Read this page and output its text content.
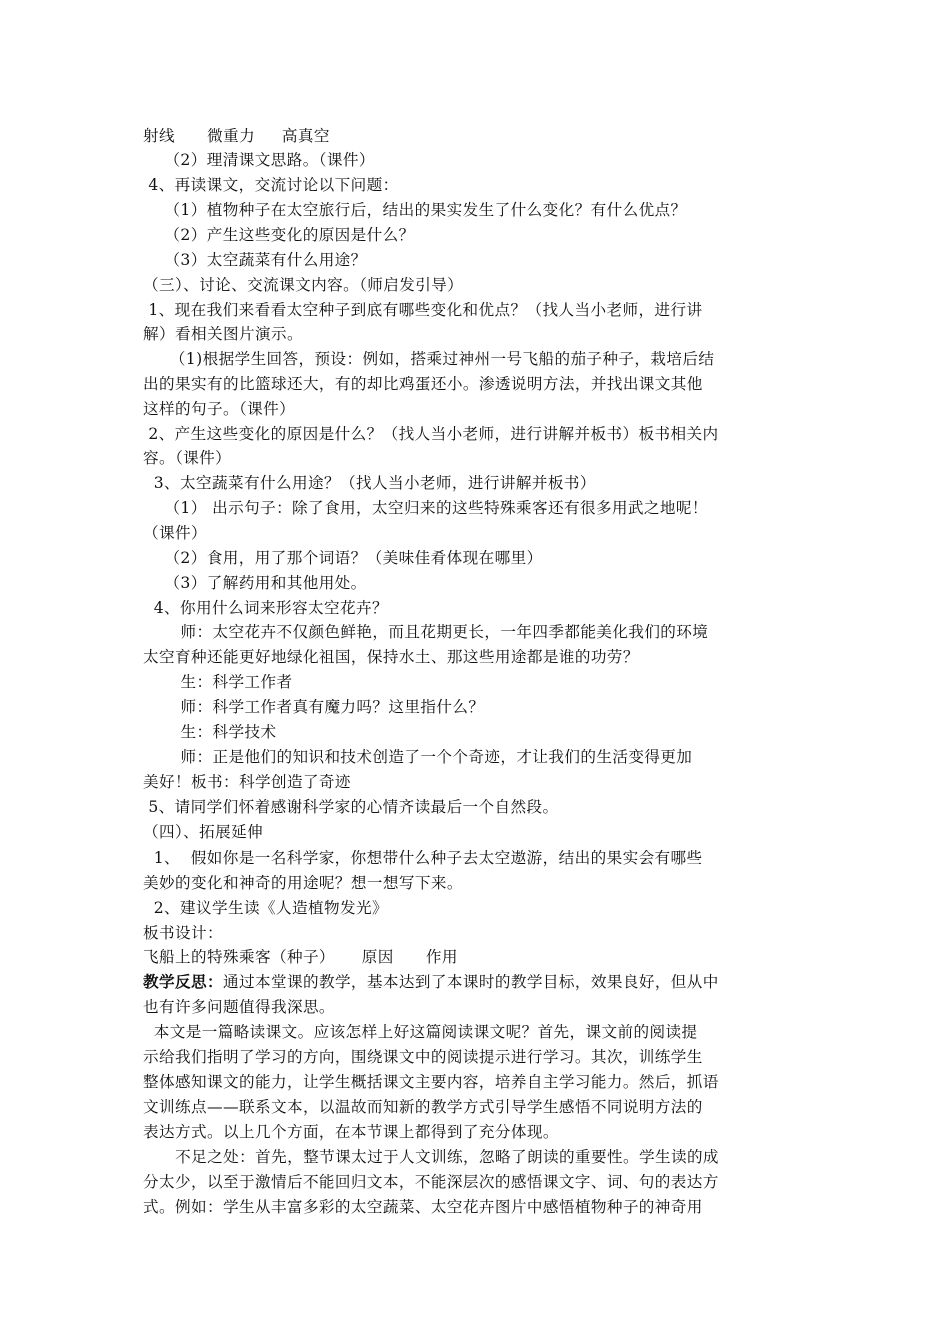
射线      微重力     高真空
（2）理清课文思路。（课件）
4、再读课文，交流讨论以下问题：
（1）植物种子在太空旅行后，结出的果实发生了什么变化？有什么优点？
（2）产生这些变化的原因是什么？
（3）太空蔬菜有什么用途？
（三）、讨论、交流课文内容。（师启发引导）
1、现在我们来看看太空种子到底有哪些变化和优点？（找人当小老师，进行讲
解）看相关图片演示。
（1)根据学生回答，预设：例如，搭乘过神州一号飞船的茄子种子，栽培后结
出的果实有的比篮球还大，有的却比鸡蛋还小。渗透说明方法，并找出课文其他
这样的句子。（课件）
2、产生这些变化的原因是什么？（找人当小老师，进行讲解并板书）板书相关内
容。（课件）
3、太空蔬菜有什么用途？（找人当小老师，进行讲解并板书）
（1） 出示句子：除了食用，太空归来的这些特殊乘客还有很多用武之地呢！
（课件）
（2）食用，用了那个词语？（美味佳肴体现在哪里）
（3）了解药用和其他用处。
4、你用什么词来形容太空花卉？
师：太空花卉不仅颜色鲜艳，而且花期更长，一年四季都能美化我们的环境
太空育种还能更好地绿化祖国，保持水土、那这些用途都是谁的功劳？
生：科学工作者
师：科学工作者真有魔力吗？这里指什么？
生：科学技术
师：正是他们的知识和技术创造了一个个奇迹，才让我们的生活变得更加
美好！板书：科学创造了奇迹
5、请同学们怀着感谢科学家的心情齐读最后一个自然段。
（四）、拓展延伸
1、  假如你是一名科学家，你想带什么种子去太空遨游，结出的果实会有哪些
美妙的变化和神奇的用途呢？想一想写下来。
2、建议学生读《人造植物发光》
板书设计：
飞船上的特殊乘客（种子）     原因      作用
教学反思：通过本堂课的教学，基本达到了本课时的教学目标，效果良好，但从中
也有许多问题值得我深思。
本文是一篇略读课文。应该怎样上好这篇阅读课文呢？首先，课文前的阅读提
示给我们指明了学习的方向，围绕课文中的阅读提示进行学习。其次，训练学生
整体感知课文的能力，让学生概括课文主要内容，培养自主学习能力。然后，抓语
文训练点——联系文本，以温故而知新的教学方式引导学生感悟不同说明方法的
表达方式。以上几个方面，在本节课上都得到了充分体现。
不足之处：首先，整节课太过于人文训练，忽略了朗读的重要性。学生读的成
分太少，以至于激情后不能回归文本，不能深层次的感悟课文字、词、句的表达方
式。例如：学生从丰富多彩的太空蔬菜、太空花卉图片中感悟植物种子的神奇用
